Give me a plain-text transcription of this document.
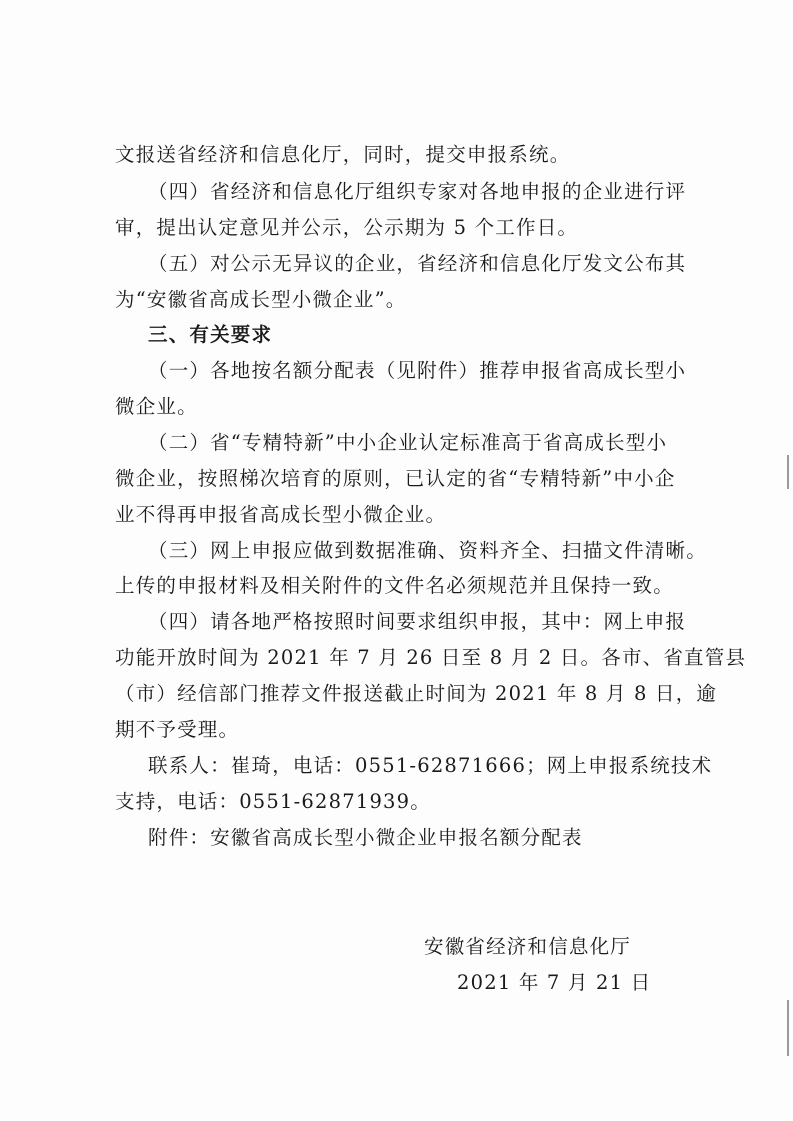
文报送省经济和信息化厅，同时，提交申报系统。
（四）省经济和信息化厅组织专家对各地申报的企业进行评
审，提出认定意见并公示，公示期为 5 个工作日。
（五）对公示无异议的企业，省经济和信息化厅发文公布其
为“安徽省高成长型小微企业”。
三、有关要求
（一）各地按名额分配表（见附件）推荐申报省高成长型小
微企业。
（二）省“专精特新”中小企业认定标准高于省高成长型小
微企业，按照梯次培育的原则，已认定的省“专精特新”中小企
业不得再申报省高成长型小微企业。
（三）网上申报应做到数据准确、资料齐全、扫描文件清晰。
上传的申报材料及相关附件的文件名必须规范并且保持一致。
（四）请各地严格按照时间要求组织申报，其中：网上申报
功能开放时间为 2021 年 7 月 26 日至 8 月 2 日。各市、省直管县
（市）经信部门推荐文件报送截止时间为 2021 年 8 月 8 日，逾
期不予受理。
联系人：崔琦，电话：0551-62871666；网上申报系统技术
支持，电话：0551-62871939。
附件：安徽省高成长型小微企业申报名额分配表
安徽省经济和信息化厅
2021 年 7 月 21 日
